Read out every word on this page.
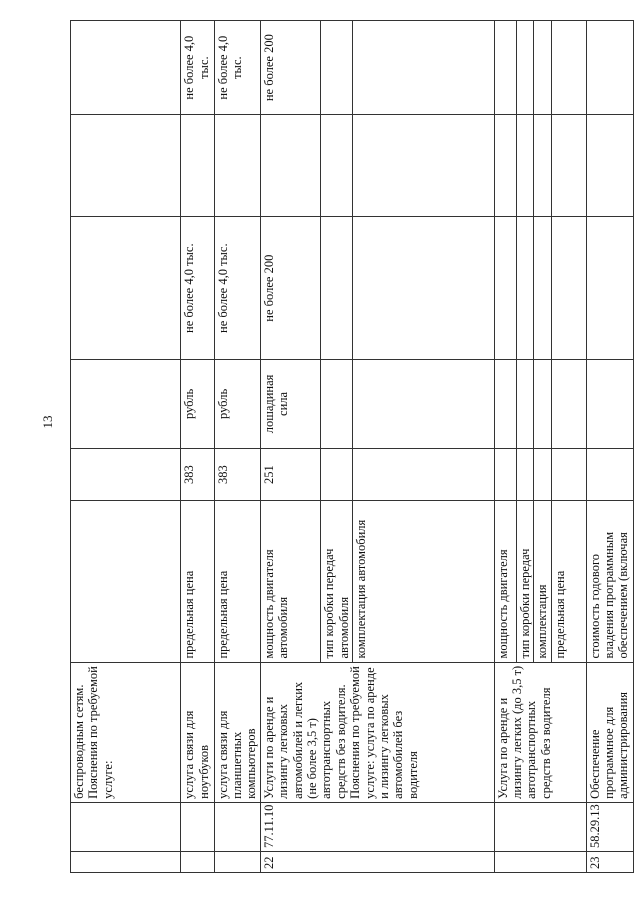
13
		беспроводным сетям.
Пояснения по требуемой услуге:						
		услуга связи для ноутбуков	предельная цена	383	рубль	не более 4,0 тыс.		не более 4,0 тыс.
		услуга связи для планшетных компьютеров	предельная цена	383	рубль	не более 4,0 тыс.		не более 4,0 тыс.
22	77.11.10	Услуги по аренде и лизингу легковых автомобилей и легких (не более 3,5 т) автотранспортных средств без водителя.
Пояснения по требуемой услуге: услуга по аренде и лизингу легковых автомобилей без водителя	мощность двигателя автомобиля	251	лошадиная сила	не более 200		не более 200
			тип коробки передач автомобиля					
			комплектация автомобиля					
		Услуга по аренде и лизингу легких (до 3,5 т) автотранспортных средств без водителя	мощность двигателя					
			тип коробки передач					
			комплектация					
			предельная цена					
23	58.29.13	Обеспечение программное для администрирования	стоимость годового владения программным обеспечением (включая					
